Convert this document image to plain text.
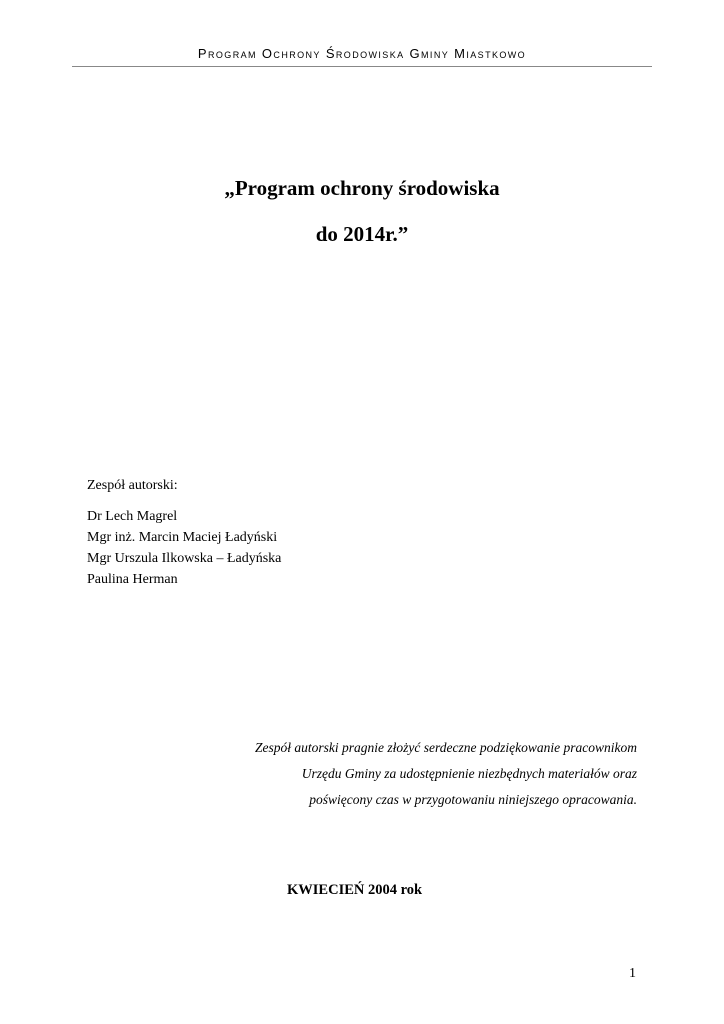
Program Ochrony Środowiska Gminy Miastkowo
„Program ochrony środowiska
do 2014r.”
Zespół autorski:
Dr Lech Magrel
Mgr inż. Marcin Maciej Ładyński
Mgr Urszula Ilkowska – Ładyńska
Paulina Herman
Zespół autorski pragnie złożyć serdeczne podziękowanie pracownikom
Urzędu Gminy za udostępnienie niezbędnych materiałów oraz
poświęcony czas w przygotowaniu niniejszego opracowania.
KWIECIEŃ 2004 rok
1
